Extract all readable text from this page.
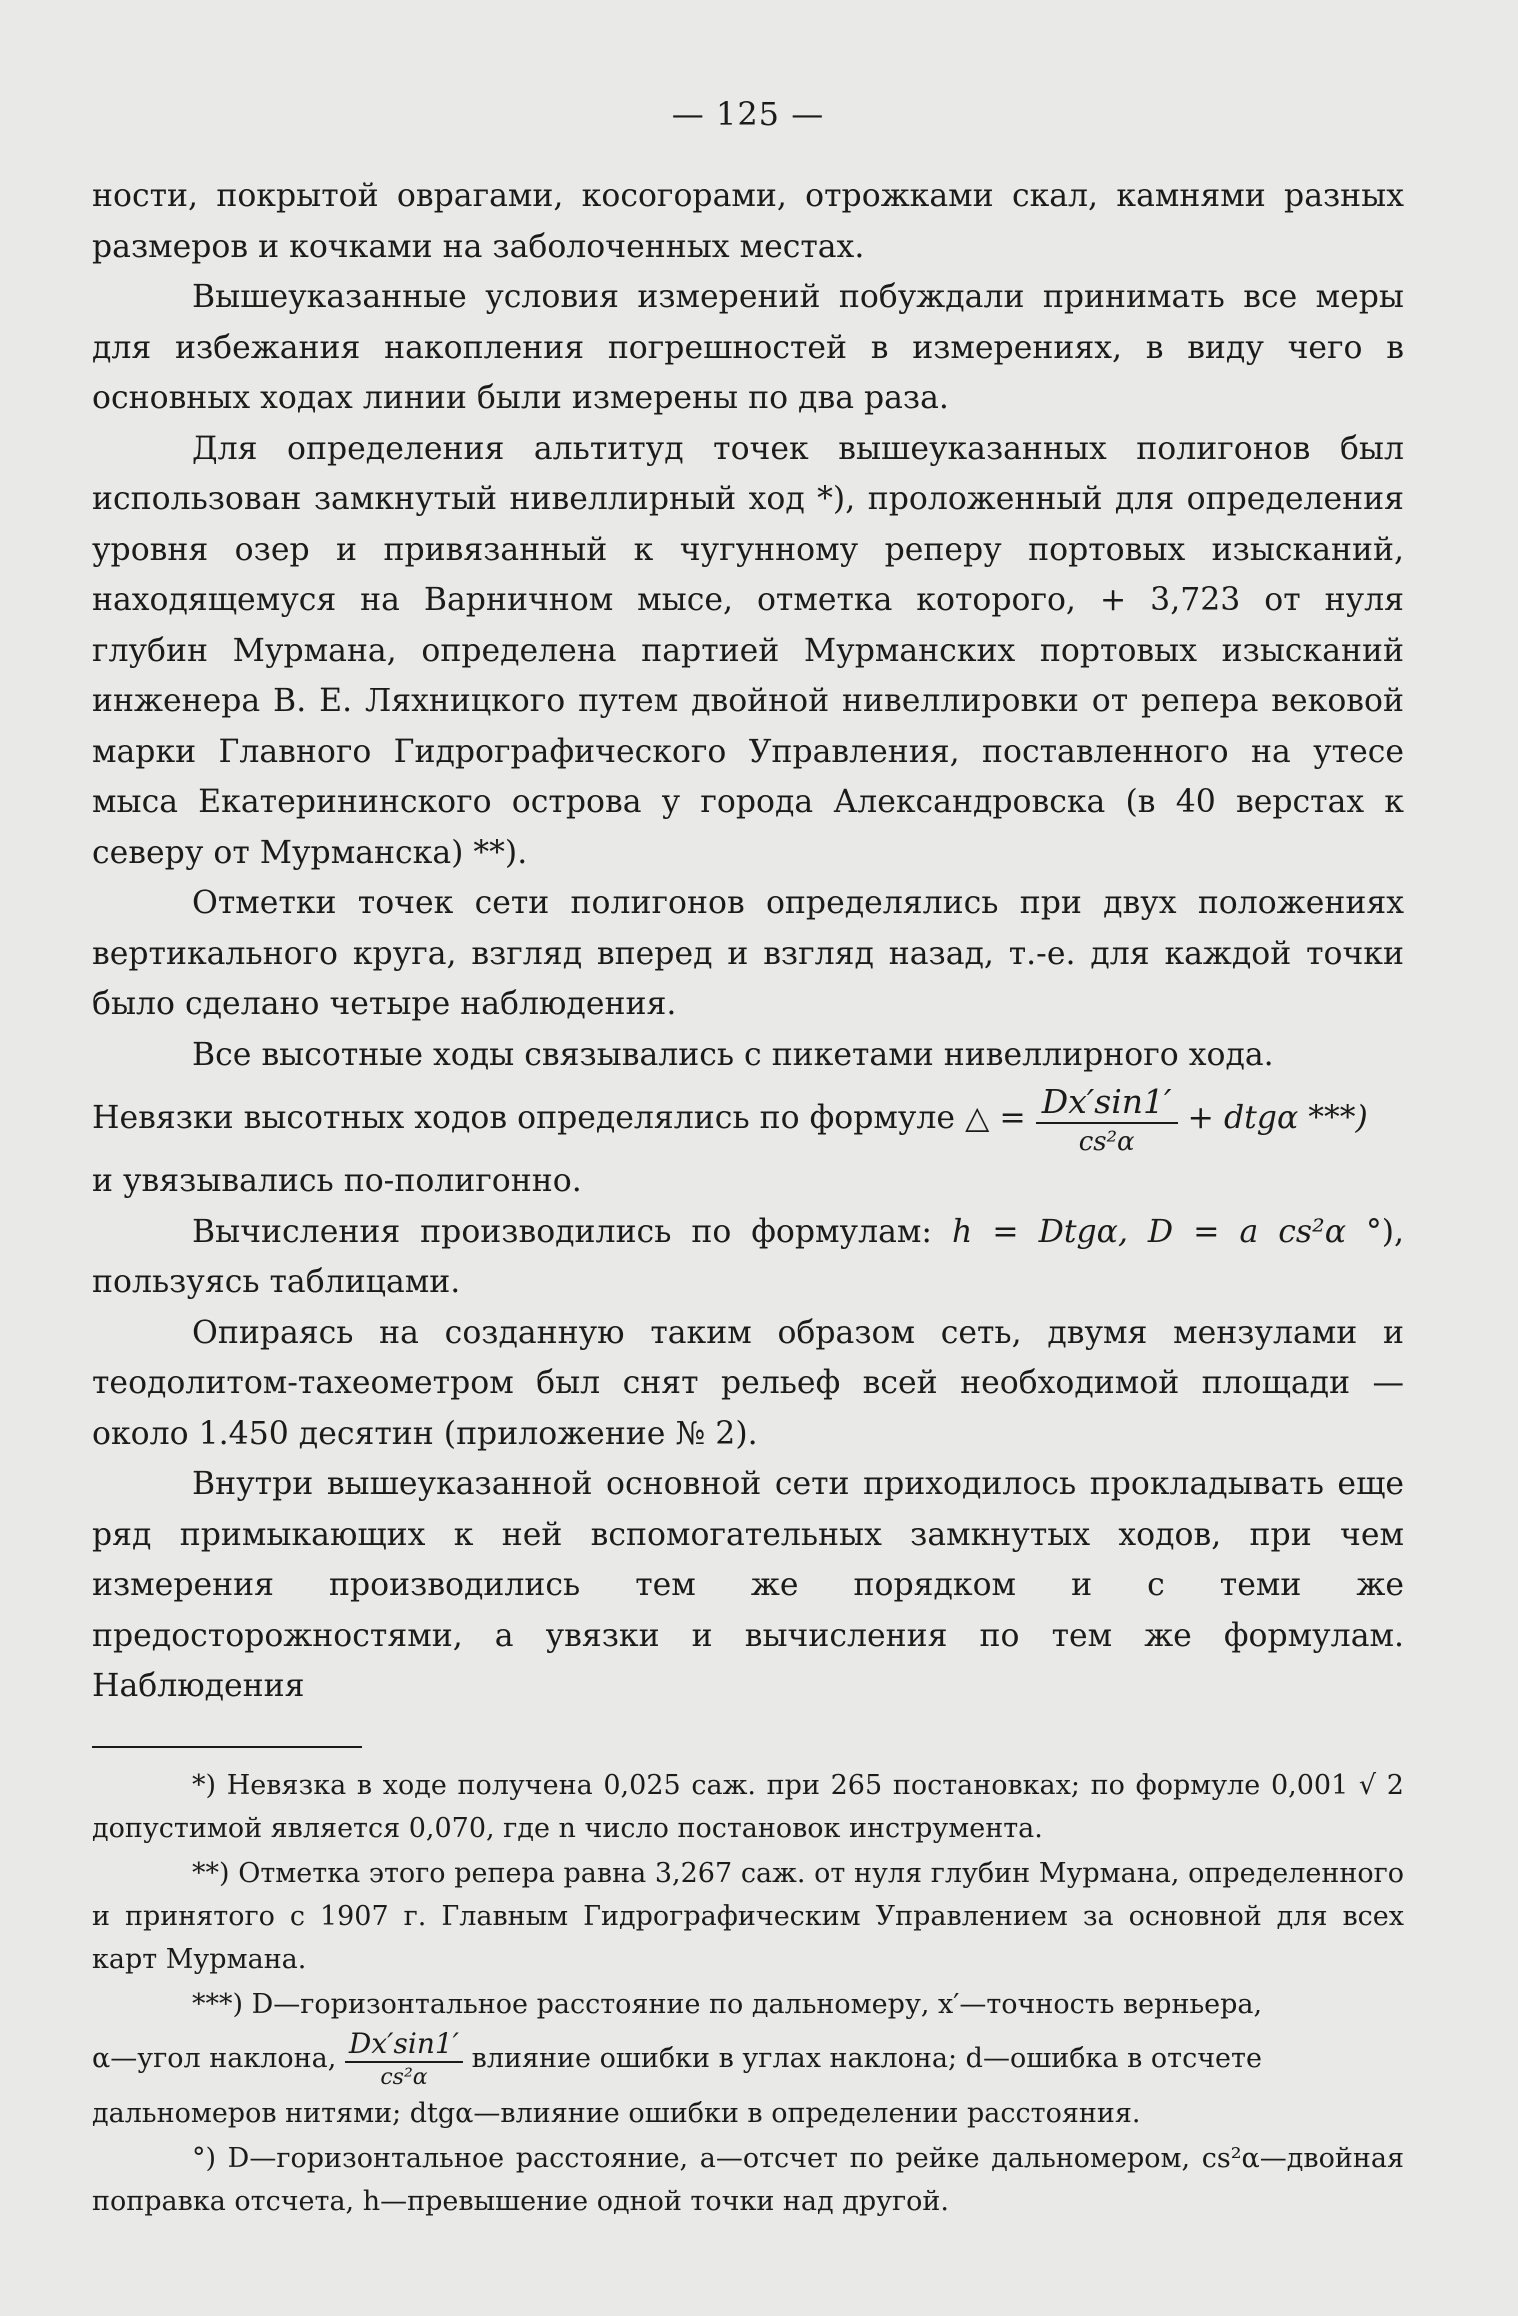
— 125 —

ности, покрытой оврагами, косогорами, отрожками скал, камнями разных размеров и кочками на заболоченных местах.

Вышеуказанные условия измерений побуждали принимать все меры для избежания накопления погрешностей в измерениях, в виду чего в основных ходах линии были измерены по два раза.

Для определения альтитуд точек вышеуказанных полигонов был использован замкнутый нивеллирный ход *), проложенный для определения уровня озер и привязанный к чугунному реперу портовых изысканий, находящемуся на Варничном мысе, отметка которого, + 3,723 от нуля глубин Мурмана, определена партией Мурманских портовых изысканий инженера В. Е. Ляхницкого путем двойной нивеллировки от репера вековой марки Главного Гидрографического Управления, поставленного на утесе мыса Екатерининского острова у города Александровска (в 40 верстах к северу от Мурманска) **).

Отметки точек сети полигонов определялись при двух положениях вертикального круга, взгляд вперед и взгляд назад, т.-е. для каждой точки было сделано четыре наблюдения.

Все высотные ходы связывались с пикетами нивеллирного хода.

Невязки высотных ходов определялись по формуле △ = $\frac{Dx'\sin 1'}{\text{cs²α}} + dtg\alpha$ ***)

и увязывались по-полигонно.

Вычисления производились по формулам: h = Dtgα, D = a cs²α °), пользуясь таблицами.

Опираясь на созданную таким образом сеть, двумя мензулами и теодолитом-тахеометром был снят рельеф всей необходимой площади — около 1.450 десятин (приложение № 2).

Внутри вышеуказанной основной сети приходилось прокладывать еще ряд примыкающих к ней вспомогательных замкнутых ходов, при чем измерения производились тем же порядком и с теми же предосторожностями, а увязки и вычисления по тем же формулам. Наблюдения

*) Невязка в ходе получена 0,025 саж. при 265 постановках; по формуле 0,001 √ 2 допустимой является 0,070, где n число постановок инструмента.

**) Отметка этого репера равна 3,267 саж. от нуля глубин Мурмана, определенного и принятого с 1907 г. Главным Гидрографическим Управлением за основной для всех карт Мурмана.

***) D—горизонтальное расстояние по дальномеру, x′—точность верньера,

α—угол наклона, $\frac{Dx'\sin 1'}{\text{cs²α}}$ влияние ошибки в углах наклона; d—ошибка в отсчете

дальномеров нитями; dtgα—влияние ошибки в определении расстояния.

°) D—горизонтальное расстояние, a—отсчет по рейке дальномером, cs²α—двойная поправка отсчета, h—превышение одной точки над другой.
